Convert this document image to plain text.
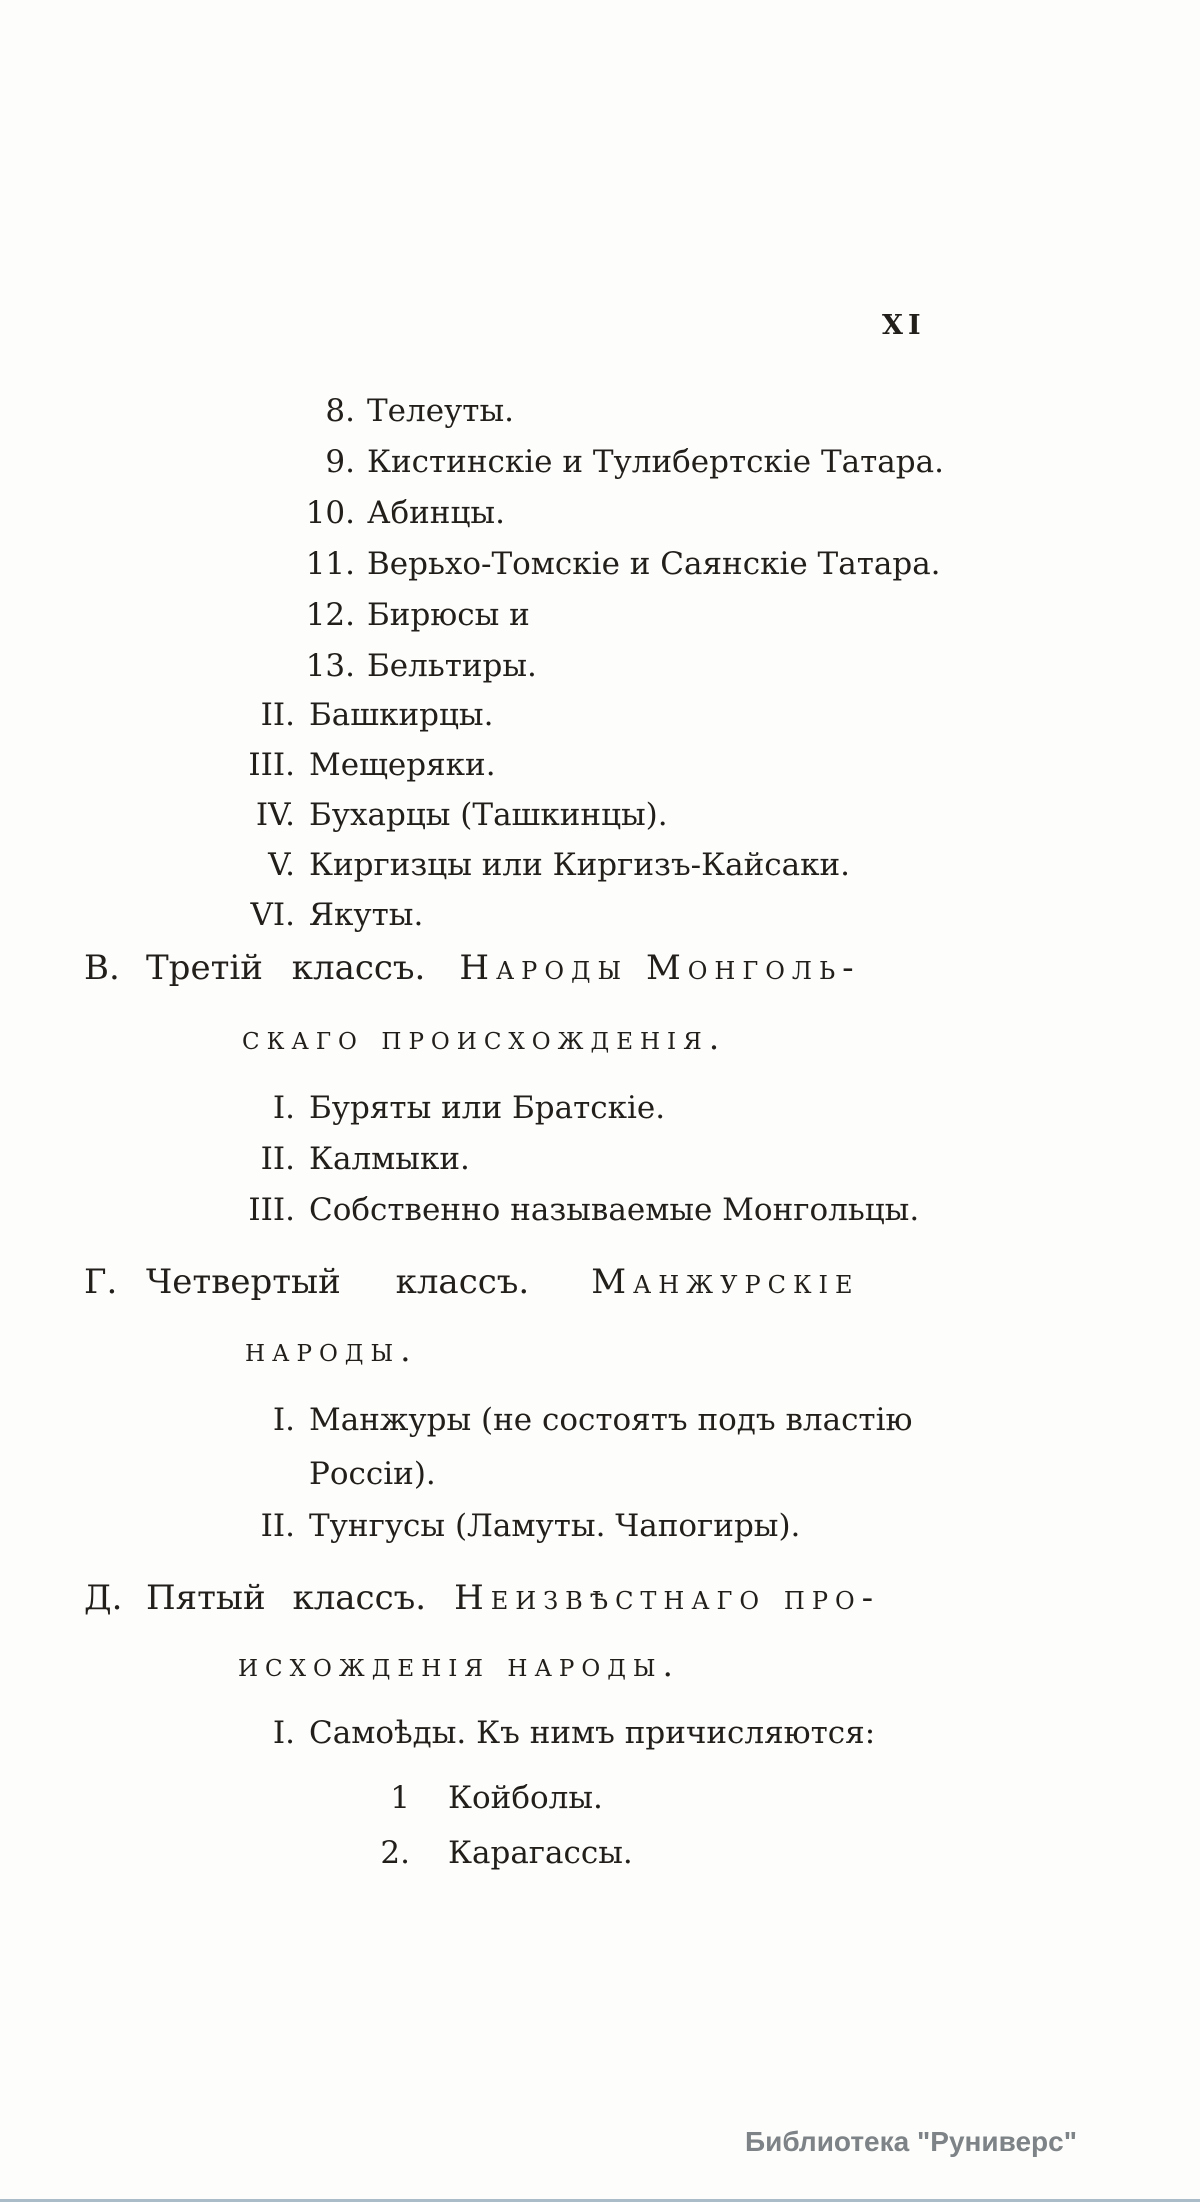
XI
8. Телеуты.
9. Кистинскіе и Тулибертскіе Татара.
10. Абинцы.
11. Верьхо-Томскіе и Саянскіе Татара.
12. Бирюсы и
13. Бельтиры.
II. Башкирцы.
III. Мещеряки.
IV. Бухарцы (Ташкинцы).
V. Киргизцы или Киргизъ-Кайсаки.
VI. Якуты.
В. Третій классъ. Народы Монголь-
скаго происхожденія.
I. Буряты или Братскіе.
II. Калмыки.
III. Собственно называемые Монгольцы.
Г. Четвертый классъ. Манжурскіе
народы.
I. Манжуры (не состоятъ подъ властію
Россіи).
II. Тунгусы (Ламуты. Чапогиры).
Д. Пятый классъ. Неизвѣстнаго про-
исхожденія народы.
I. Самоѣды. Къ нимъ причисляются:
1 Койболы.
2. Карагассы.
Библиотека "Руниверс"
